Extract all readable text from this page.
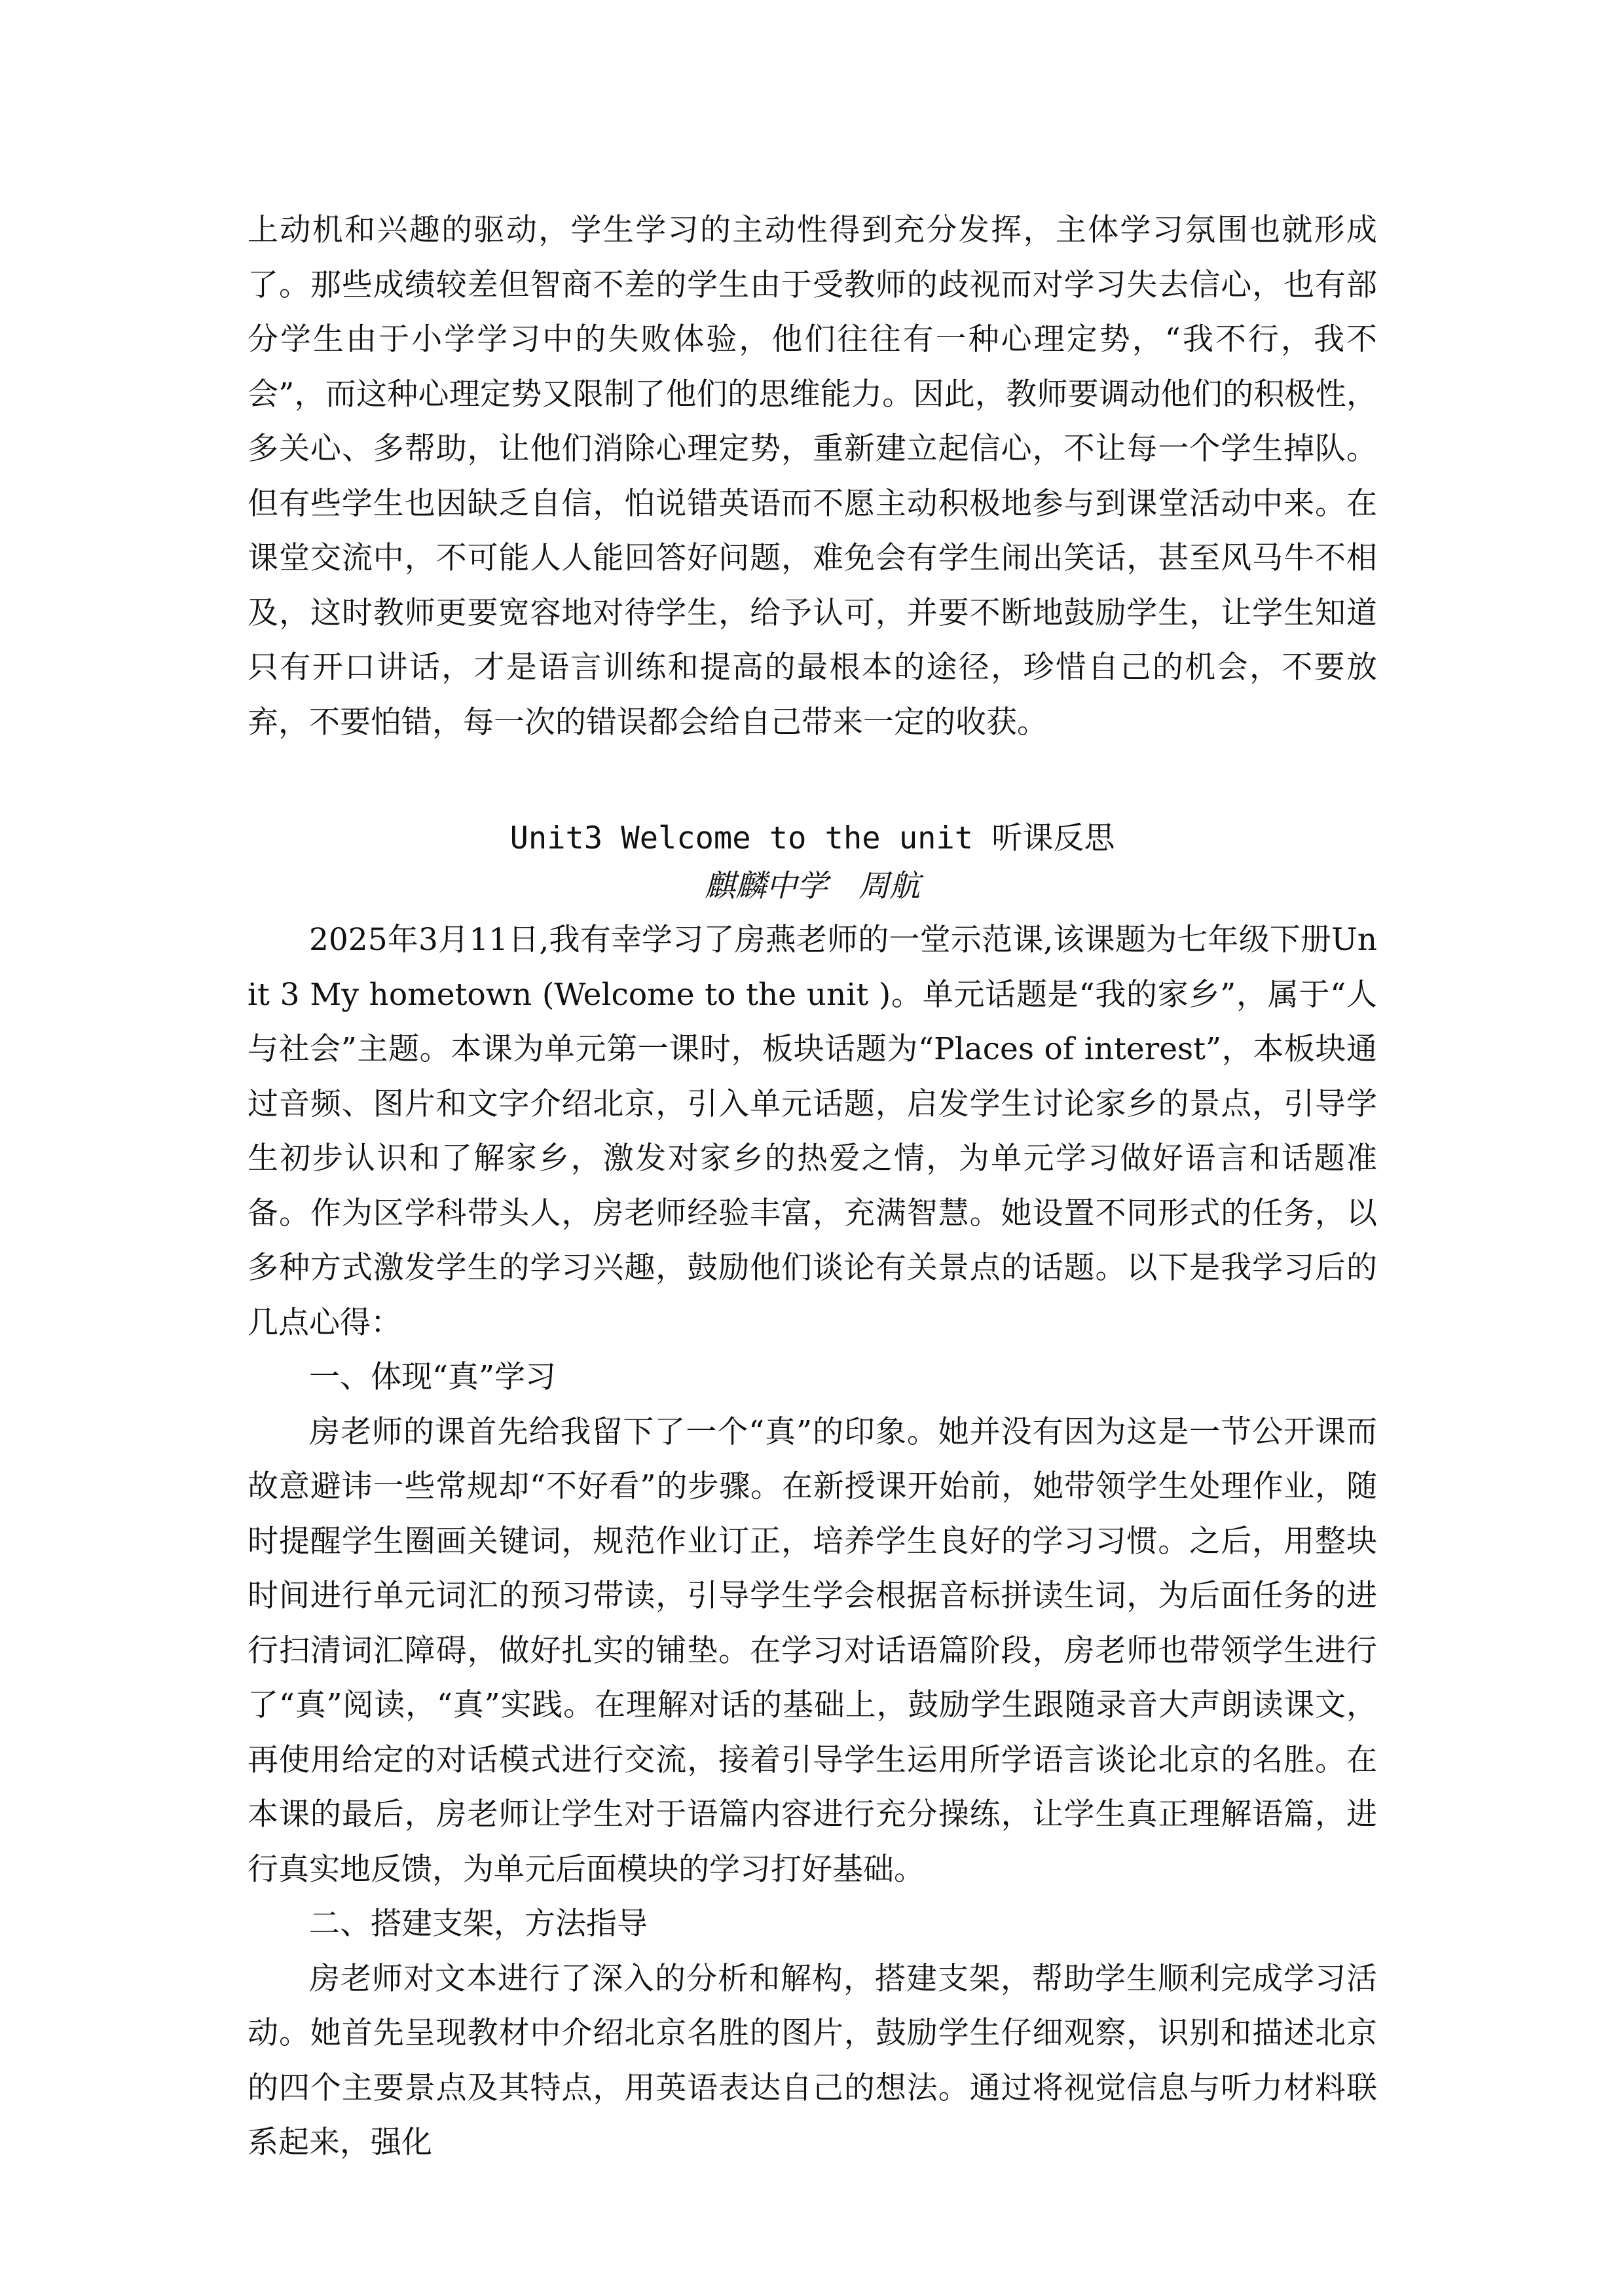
上动机和兴趣的驱动，学生学习的主动性得到充分发挥，主体学习氛围也就形成了。那些成绩较差但智商不差的学生由于受教师的歧视而对学习失去信心，也有部分学生由于小学学习中的失败体验，他们往往有一种心理定势，“我不行，我不会”，而这种心理定势又限制了他们的思维能力。因此，教师要调动他们的积极性，多关心、多帮助，让他们消除心理定势，重新建立起信心，不让每一个学生掉队。但有些学生也因缺乏自信，怕说错英语而不愿主动积极地参与到课堂活动中来。在课堂交流中，不可能人人能回答好问题，难免会有学生闹出笑话，甚至风马牛不相及，这时教师更要宽容地对待学生，给予认可，并要不断地鼓励学生，让学生知道只有开口讲话，才是语言训练和提高的最根本的途径，珍惜自己的机会，不要放弃，不要怕错，每一次的错误都会给自己带来一定的收获。

Unit3 Welcome to the unit 听课反思
麒麟中学　周航

2025年3月11日,我有幸学习了房燕老师的一堂示范课,该课题为七年级下册Unit 3 My hometown (Welcome to the unit )。单元话题是“我的家乡”，属于“人与社会”主题。本课为单元第一课时，板块话题为“Places of interest”，本板块通过音频、图片和文字介绍北京，引入单元话题，启发学生讨论家乡的景点，引导学生初步认识和了解家乡，激发对家乡的热爱之情，为单元学习做好语言和话题准备。作为区学科带头人，房老师经验丰富，充满智慧。她设置不同形式的任务，以多种方式激发学生的学习兴趣，鼓励他们谈论有关景点的话题。以下是我学习后的几点心得：

一、体现“真”学习

房老师的课首先给我留下了一个“真”的印象。她并没有因为这是一节公开课而故意避讳一些常规却“不好看”的步骤。在新授课开始前，她带领学生处理作业，随时提醒学生圈画关键词，规范作业订正，培养学生良好的学习习惯。之后，用整块时间进行单元词汇的预习带读，引导学生学会根据音标拼读生词，为后面任务的进行扫清词汇障碍，做好扎实的铺垫。在学习对话语篇阶段，房老师也带领学生进行了“真”阅读，“真”实践。在理解对话的基础上，鼓励学生跟随录音大声朗读课文，再使用给定的对话模式进行交流，接着引导学生运用所学语言谈论北京的名胜。在本课的最后，房老师让学生对于语篇内容进行充分操练，让学生真正理解语篇，进行真实地反馈，为单元后面模块的学习打好基础。

二、搭建支架，方法指导

房老师对文本进行了深入的分析和解构，搭建支架，帮助学生顺利完成学习活动。她首先呈现教材中介绍北京名胜的图片，鼓励学生仔细观察，识别和描述北京的四个主要景点及其特点，用英语表达自己的想法。通过将视觉信息与听力材料联系起来，强化
